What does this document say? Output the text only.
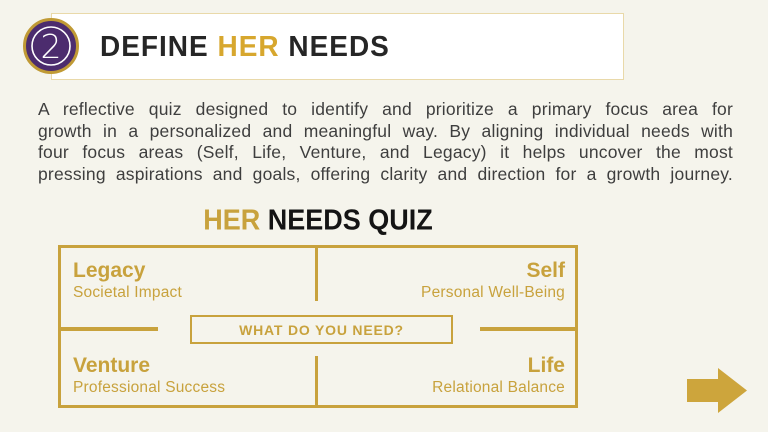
DEFINE HER NEEDS
2
A reflective quiz designed to identify and prioritize a primary focus area for
growth in a personalized and meaningful way. By aligning individual needs with
four focus areas (Self, Life, Venture, and Legacy) it helps uncover the most
pressing aspirations and goals, offering clarity and direction for a growth journey.
HER NEEDS QUIZ
Legacy
Societal Impact
Self
Personal Well-Being
Venture
Professional Success
Life
Relational Balance
WHAT DO YOU NEED?
